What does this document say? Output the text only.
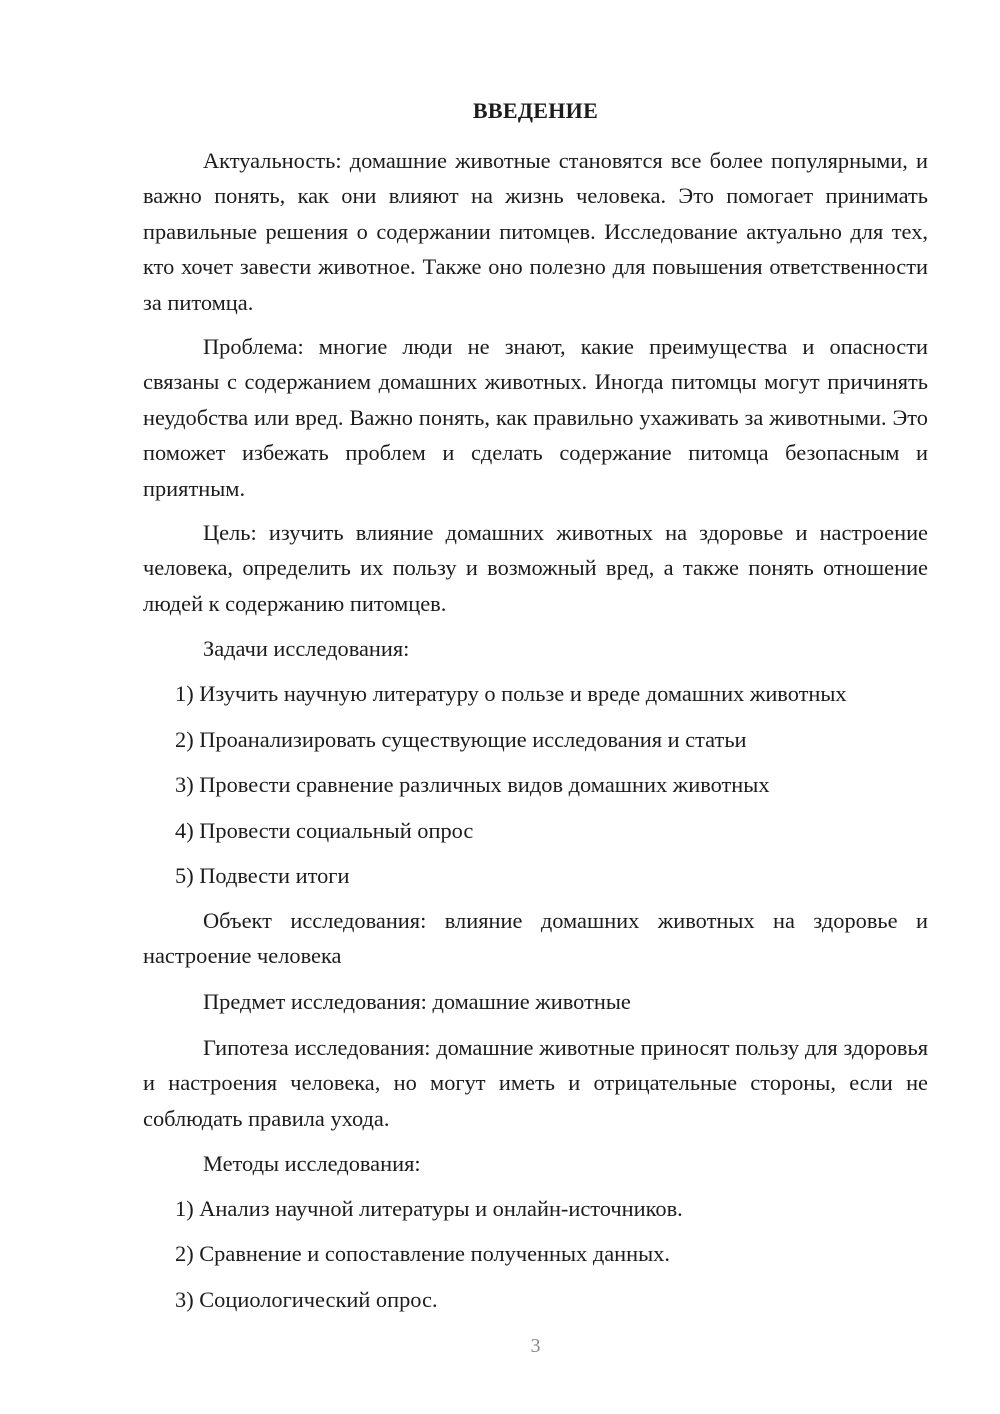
ВВЕДЕНИЕ

Актуальность: домашние животные становятся все более популярными, и важно понять, как они влияют на жизнь человека. Это помогает принимать правильные решения о содержании питомцев. Исследование актуально для тех, кто хочет завести животное. Также оно полезно для повышения ответственности за питомца.

Проблема: многие люди не знают, какие преимущества и опасности связаны с содержанием домашних животных. Иногда питомцы могут причинять неудобства или вред. Важно понять, как правильно ухаживать за животными. Это поможет избежать проблем и сделать содержание питомца безопасным и приятным.

Цель: изучить влияние домашних животных на здоровье и настроение человека, определить их пользу и возможный вред, а также понять отношение людей к содержанию питомцев.

Задачи исследования:

1) Изучить научную литературу о пользе и вреде домашних животных

2) Проанализировать существующие исследования и статьи

3) Провести сравнение различных видов домашних животных

4) Провести социальный опрос

5) Подвести итоги

Объект исследования: влияние домашних животных на здоровье и настроение человека

Предмет исследования: домашние животные

Гипотеза исследования: домашние животные приносят пользу для здоровья и настроения человека, но могут иметь и отрицательные стороны, если не соблюдать правила ухода.

Методы исследования:

1) Анализ научной литературы и онлайн-источников.

2) Сравнение и сопоставление полученных данных.

3) Социологический опрос.

3
